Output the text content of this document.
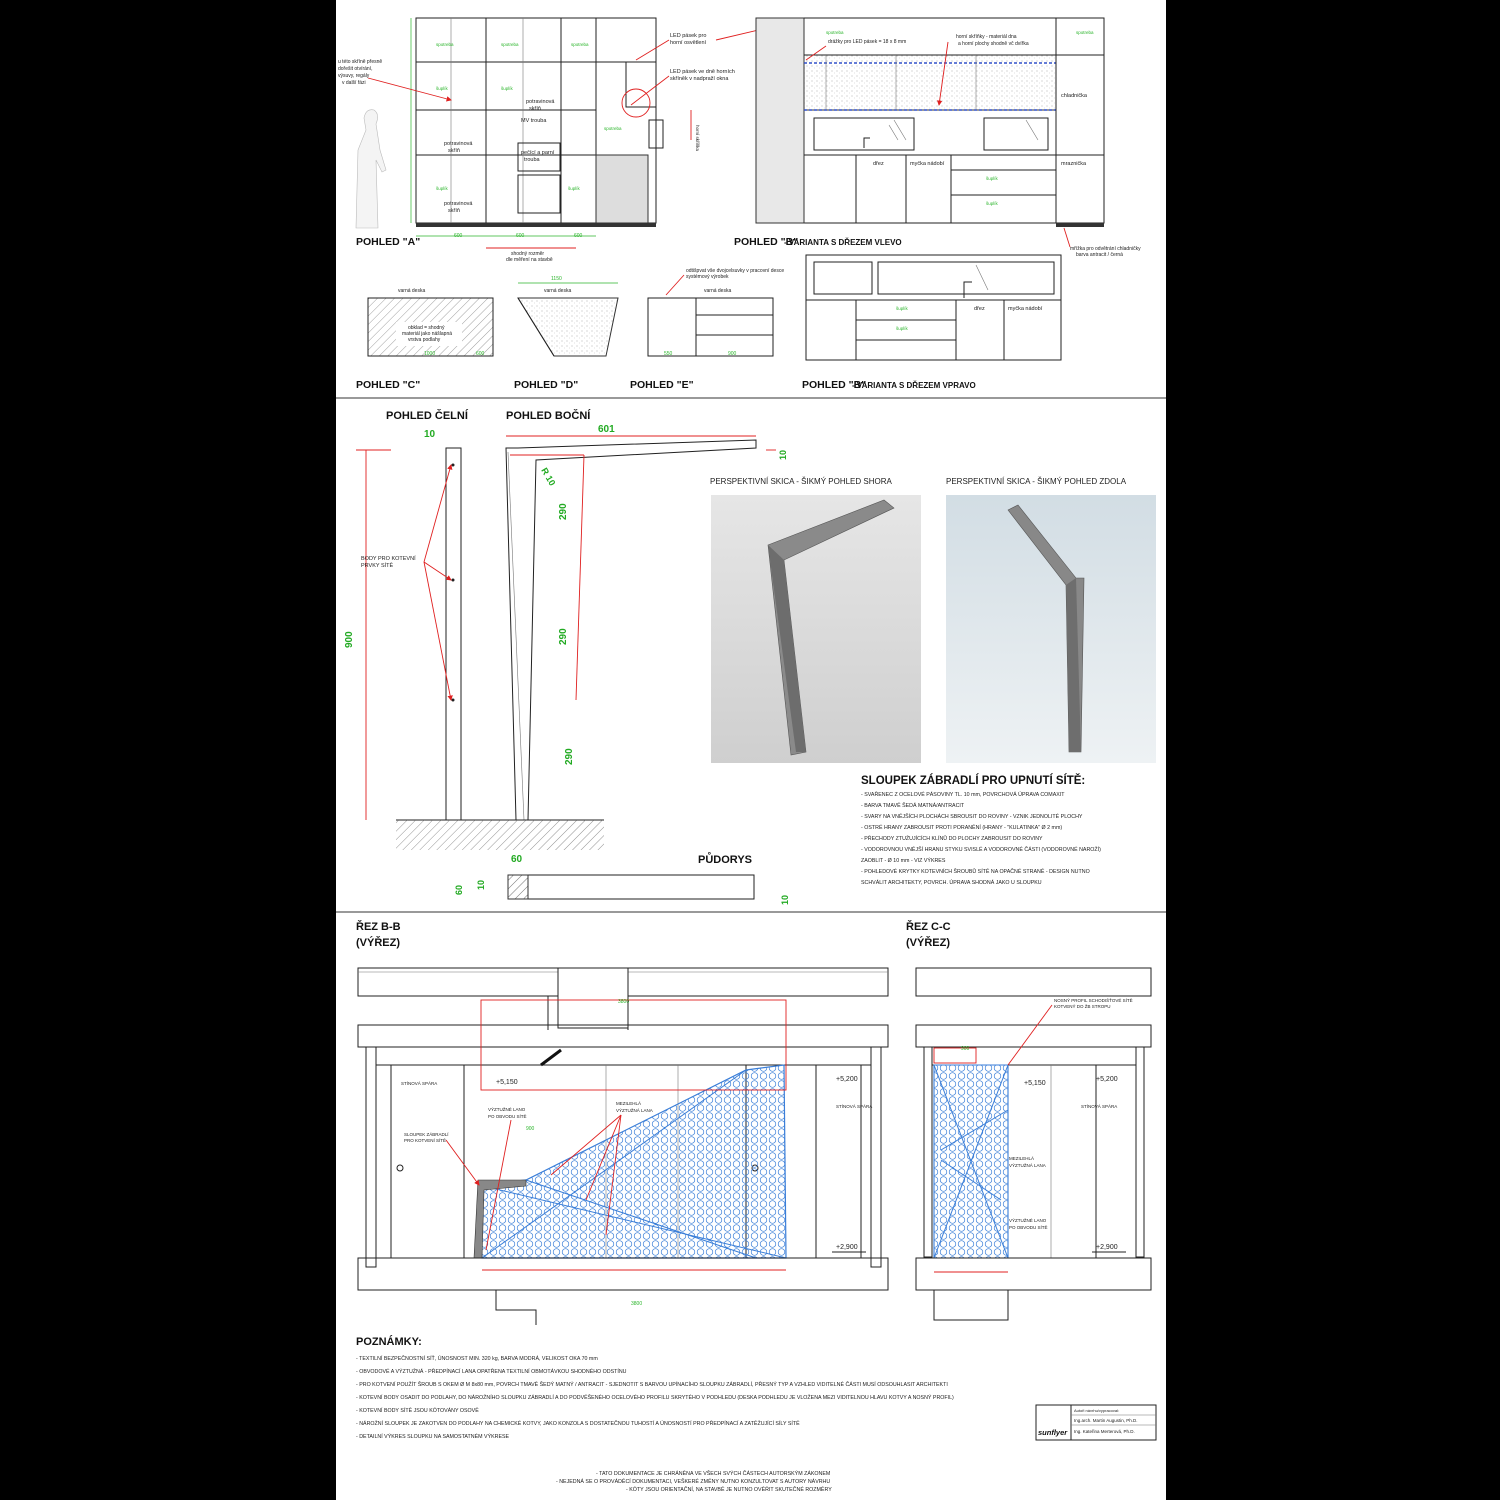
spotreba	spotreba	spotreba
šuplík	šuplík
spotreba
šuplík	šuplík
potravinová
skříň
potravinová
skříň
potravinová
skříň
MV trouba
pečící a parní
trouba
u této skříně přesně
dořešit otvírání,
výsuvy, regály
v další fázi
600	600	600
shodný rozměr
dle měření na stavbě
LED pásek pro
horní osvětlení
LED pásek ve dně horních
skříněk v nadpraží okna
horní skříňka
POHLED "A"
drážky pro LED pásek = 18 x 8 mm
horní skříňky - materiál dna
a horní plochy shodně vč dvířka
chladnička
mraznička
dřez	myčka nádobí
mřížka pro odvětrání chladničky
barva antracit / černá
spotreba	spotreba
šuplík
šuplík
POHLED "B"
- VARIANTA S DŘEZEM VLEVO
odtišpvat vše dvojcelsuvky v pracovní desce
systémový výrobek
varná deska
obklad = shodný
materiál jako nášlapná
vrstva podlahy
1000	600
POHLED "C"
varná deska
1150
POHLED "D"
varná deska
550	900
POHLED "E"
dřez	myčka nádobí
šuplík
šuplík
POHLED "B"
- VARIANTA S DŘEZEM VPRAVO
POHLED ČELNÍ	POHLED BOČNÍ
10
900
BODY PRO KOTEVNÍ
PRVKY SÍTĚ
601
R 10
290
290
290
60
10
PŮDORYS
60 10
10
PERSPEKTIVNÍ SKICA - ŠIKMÝ POHLED SHORA	PERSPEKTIVNÍ SKICA - ŠIKMÝ POHLED ZDOLA
SLOUPEK ZÁBRADLÍ PRO UPNUTÍ SÍTĚ:
- SVAŘENEC Z OCELOVÉ PÁSOVINY TL. 10 mm, POVRCHOVÁ ÚPRAVA COMAXIT
- BARVA TMAVĚ ŠEDÁ MATNÁ/ANTRACIT
- SVARY NA VNĚJŠÍCH PLOCHÁCH SBROUSIT DO ROVINY - VZNIK JEDNOLITÉ PLOCHY
- OSTRÉ HRANY ZABROUSIT PROTI PORANĚNÍ (HRANY - "KULATINKA" Ø 2 mm)
- PŘECHODY ZTUŽUJÍCÍCH KLÍNŮ DO PLOCHY ZABROUSIT DO ROVINY
- VODOROVNOU VNĚJŠÍ HRANU STYKU SVISLÉ A VODOROVNÉ ČÁSTI (VODOROVNÉ NAROŽÍ)
ZAOBLIT - Ø 10 mm - VIZ VÝKRES
- POHLEDOVÉ KRYTKY KOTEVNÍCH ŠROUBŮ SÍTĚ NA OPAČNÉ STRANĚ - DESIGN NUTNO
SCHVÁLIT ARCHITEKTY, POVRCH. ÚPRAVA SHODNÁ JAKO U SLOUPKU
ŘEZ B-B
(VÝŘEZ)
3800
3800
900
+5,150	+5,200
+2,900
STÍNOVÁ SPÁRA
STÍNOVÁ SPÁRA
SLOUPEK ZÁBRADLÍ
PRO KOTVENÍ SÍTĚ
VÝZTUŽNÉ LANO
PO OBVODU SÍTĚ
MEZILEHLÁ
VÝZTUŽNÁ LANA
ŘEZ C-C
(VÝŘEZ)
900
+5,150
+5,200
+2,900
STÍNOVÁ SPÁRA
NOSNÝ PROFIL SCHODIŠŤOVÉ SÍTĚ
KOTVENÝ DO ŽB STROPU
MEZILEHLÁ
VÝZTUŽNÁ LANA
VÝZTUŽNÉ LANO
PO OBVODU SÍTĚ
POZNÁMKY:
- TEXTILNÍ BEZPEČNOSTNÍ SÍŤ, ÚNOSNOST MIN. 320 kg, BARVA MODRÁ, VELIKOST OKA 70 mm
- OBVODOVÉ A VÝZTUŽNÁ - PŘEDPÍNACÍ LANA OPATŘENA TEXTILNÍ OBMOTÁVKOU SHODNÉHO ODSTÍNU
- PRO KOTVENÍ POUŽÍT ŠROUB S OKEM Ø M 8x80 mm, POVRCH TMAVĚ ŠEDÝ MATNÝ / ANTRACIT - SJEDNOTIT S BARVOU UPÍNACÍHO SLOUPKU ZÁBRADLÍ, PŘESNÝ TYP A VZHLED VIDITELNÉ ČÁSTI MUSÍ ODSOUHLASIT ARCHITEKTI
- KOTEVNÍ BODY OSADIT DO PODLAHY, DO NÁROŽNÍHO SLOUPKU ZÁBRADLÍ A DO PODVĚŠENÉHO OCELOVÉHO PROFILU SKRYTÉHO V PODHLEDU (DESKA PODHLEDU JE VLOŽENA MEZI VIDITELNOU HLAVU KOTVY A NOSNÝ PROFIL)
- KOTEVNÍ BODY SÍTĚ JSOU KÓTOVÁNY OSOVĚ
- NÁROŽNÍ SLOUPEK JE ZAKOTVEN DO PODLAHY NA CHEMICKÉ KOTVY, JAKO KONZOLA S DOSTATEČNOU TUHOSTÍ A ÚNOSNOSTÍ PRO PŘEDPÍNACÍ A ZATĚŽUJÍCÍ SÍLY SÍTĚ
- DETAILNÍ VÝKRES SLOUPKU NA SAMOSTATNÉM VÝKRESE	sunflyer
Autoři návrhu/vypracoval:
Ing.arch. Martin Augustin, Ph.D.
Ing. Kateřina Merterová, Ph.D.
- TATO DOKUMENTACE JE CHRÁNĚNA VE VŠECH SVÝCH ČÁSTECH AUTORSKÝM ZÁKONEM
- NEJEDNÁ SE O PROVÁDĚCÍ DOKUMENTACI, VEŠKERÉ ZMĚNY NUTNO KONZULTOVAT S AUTORY NÁVRHU
- KÓTY JSOU ORIENTAČNÍ, NA STAVBĚ JE NUTNO OVĚŘIT SKUTEČNÉ ROZMĚRY
